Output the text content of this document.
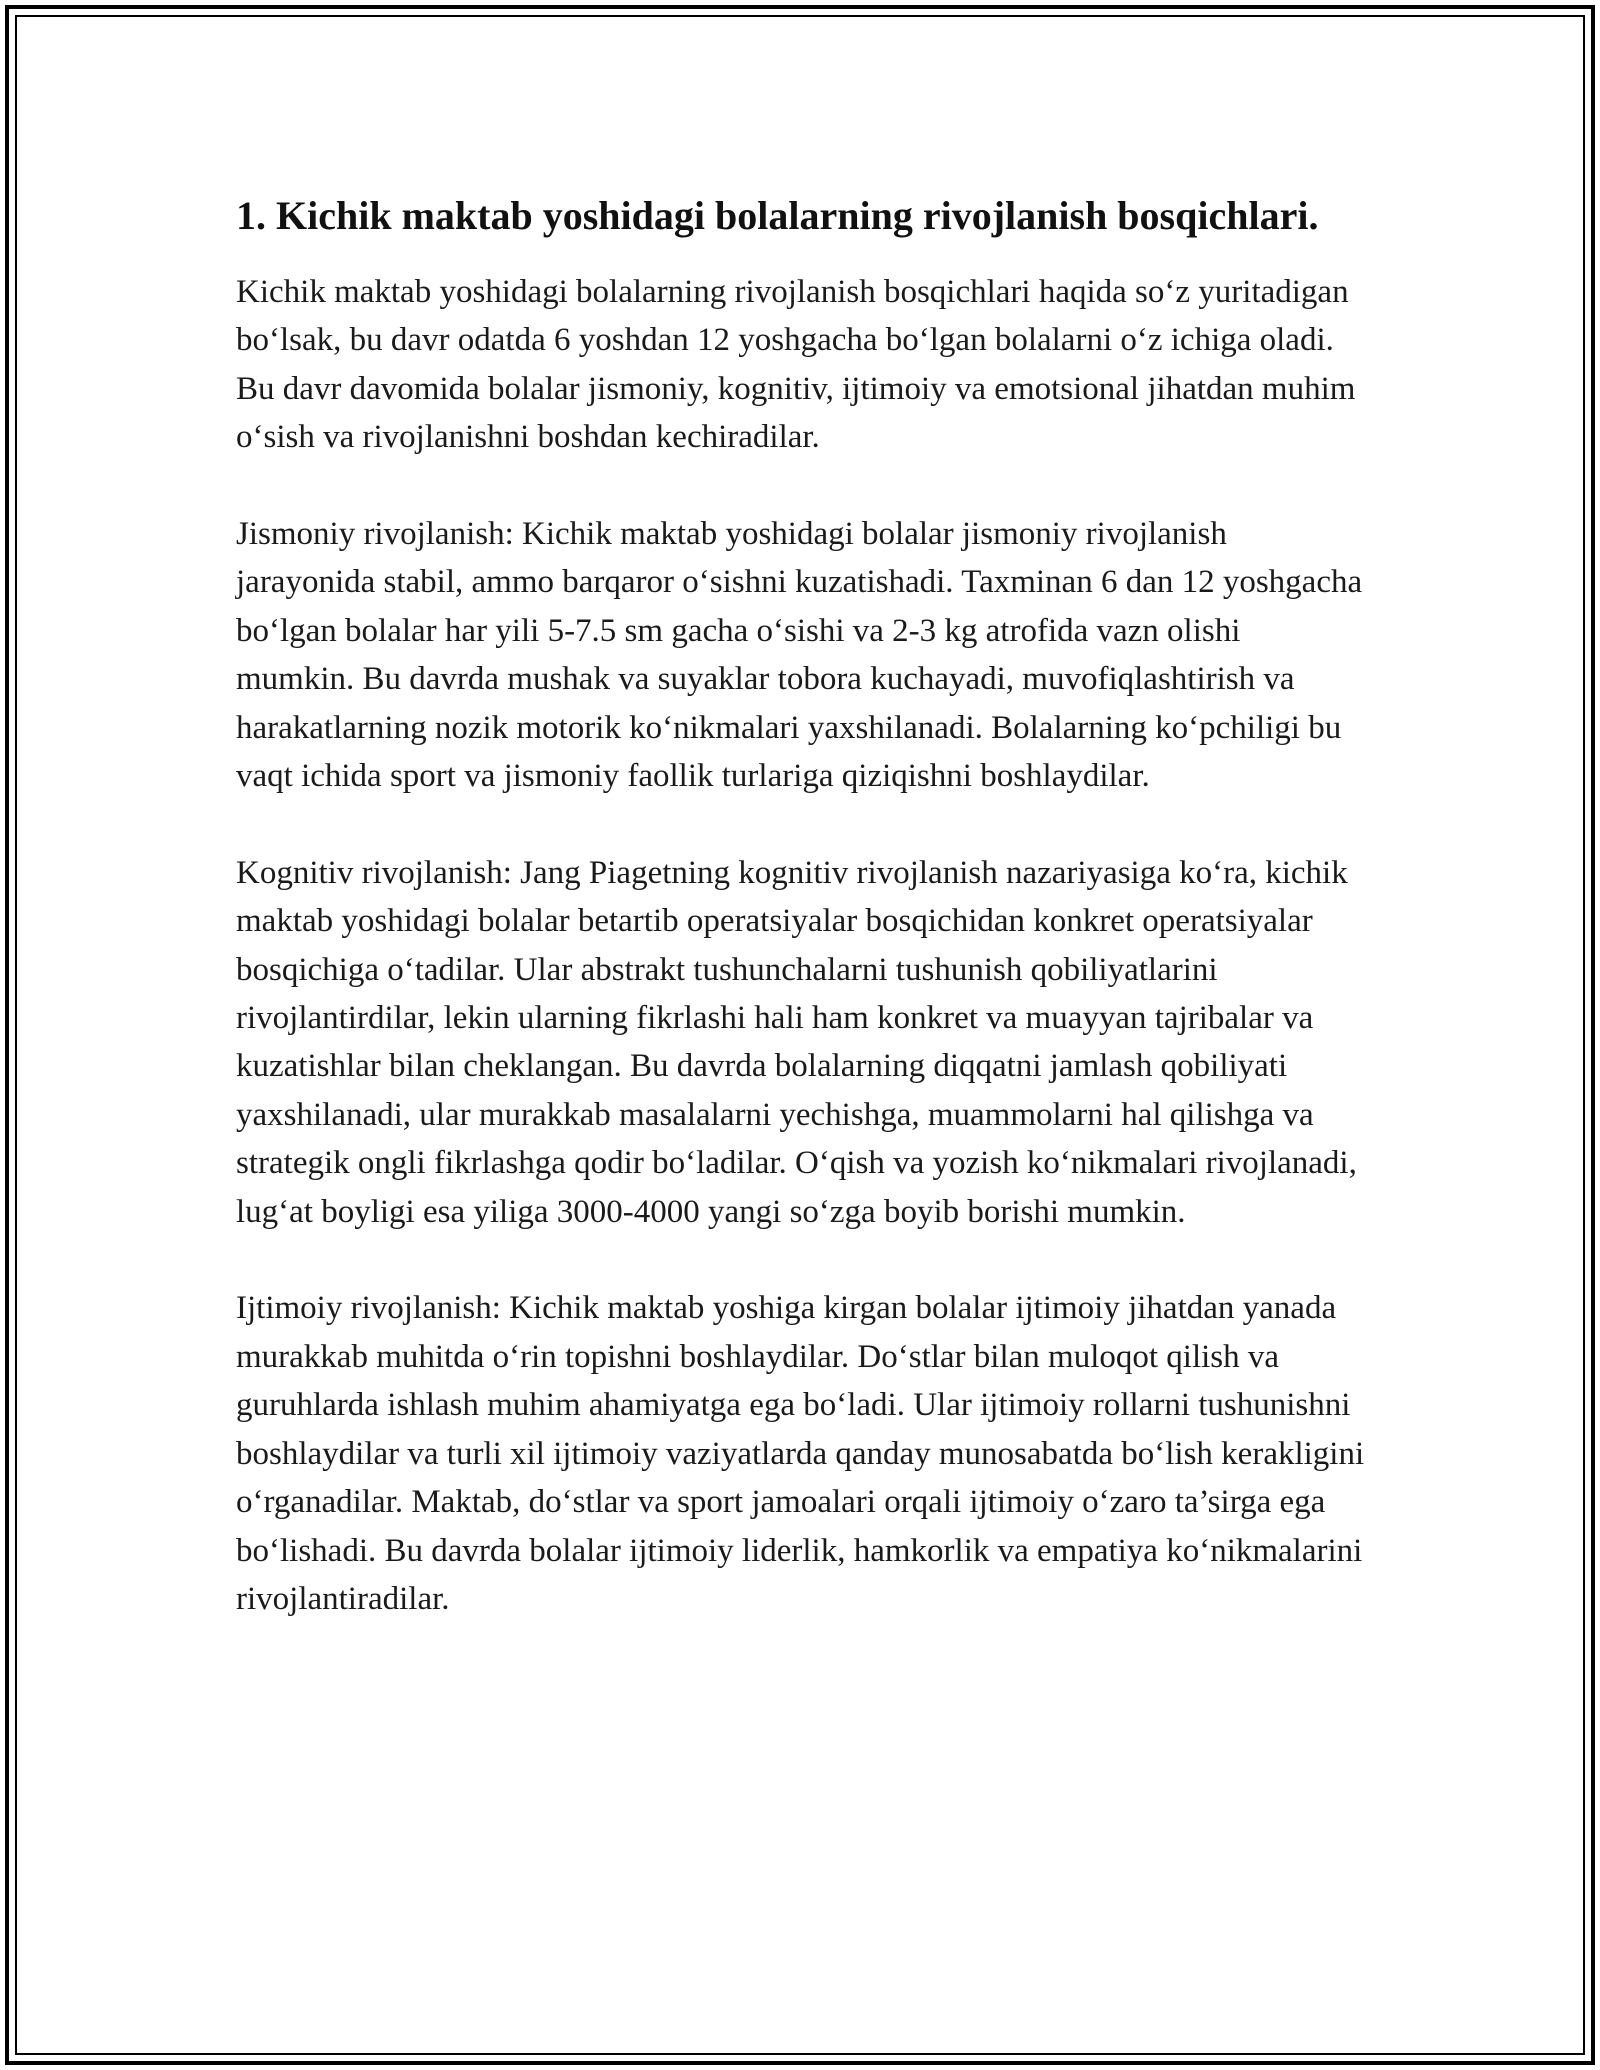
1. Kichik maktab yoshidagi bolalarning rivojlanish bosqichlari.

Kichik maktab yoshidagi bolalarning rivojlanish bosqichlari haqida so‘z yuritadigan bo‘lsak, bu davr odatda 6 yoshdan 12 yoshgacha bo‘lgan bolalarni o‘z ichiga oladi. Bu davr davomida bolalar jismoniy, kognitiv, ijtimoiy va emotsional jihatdan muhim o‘sish va rivojlanishni boshdan kechiradilar.

Jismoniy rivojlanish: Kichik maktab yoshidagi bolalar jismoniy rivojlanish jarayonida stabil, ammo barqaror o‘sishni kuzatishadi. Taxminan 6 dan 12 yoshgacha bo‘lgan bolalar har yili 5-7.5 sm gacha o‘sishi va 2-3 kg atrofida vazn olishi mumkin. Bu davrda mushak va suyaklar tobora kuchayadi, muvofiqlashtirish va harakatlarning nozik motorik ko‘nikmalari yaxshilanadi. Bolalarning ko‘pchiligi bu vaqt ichida sport va jismoniy faollik turlariga qiziqishni boshlaydilar.

Kognitiv rivojlanish: Jang Piagetning kognitiv rivojlanish nazariyasiga ko‘ra, kichik maktab yoshidagi bolalar betartib operatsiyalar bosqichidan konkret operatsiyalar bosqichiga o‘tadilar. Ular abstrakt tushunchalarni tushunish qobiliyatlarini rivojlantirdilar, lekin ularning fikrlashi hali ham konkret va muayyan tajribalar va kuzatishlar bilan cheklangan. Bu davrda bolalarning diqqatni jamlash qobiliyati yaxshilanadi, ular murakkab masalalarni yechishga, muammolarni hal qilishga va strategik ongli fikrlashga qodir bo‘ladilar. O‘qish va yozish ko‘nikmalari rivojlanadi, lug‘at boyligi esa yiliga 3000-4000 yangi so‘zga boyib borishi mumkin.

Ijtimoiy rivojlanish: Kichik maktab yoshiga kirgan bolalar ijtimoiy jihatdan yanada murakkab muhitda o‘rin topishni boshlaydilar. Do‘stlar bilan muloqot qilish va guruhlarda ishlash muhim ahamiyatga ega bo‘ladi. Ular ijtimoiy rollarni tushunishni boshlaydilar va turli xil ijtimoiy vaziyatlarda qanday munosabatda bo‘lish kerakligini o‘rganadilar. Maktab, do‘stlar va sport jamoalari orqali ijtimoiy o‘zaro ta’sirga ega bo‘lishadi. Bu davrda bolalar ijtimoiy liderlik, hamkorlik va empatiya ko‘nikmalarini rivojlantiradilar.
